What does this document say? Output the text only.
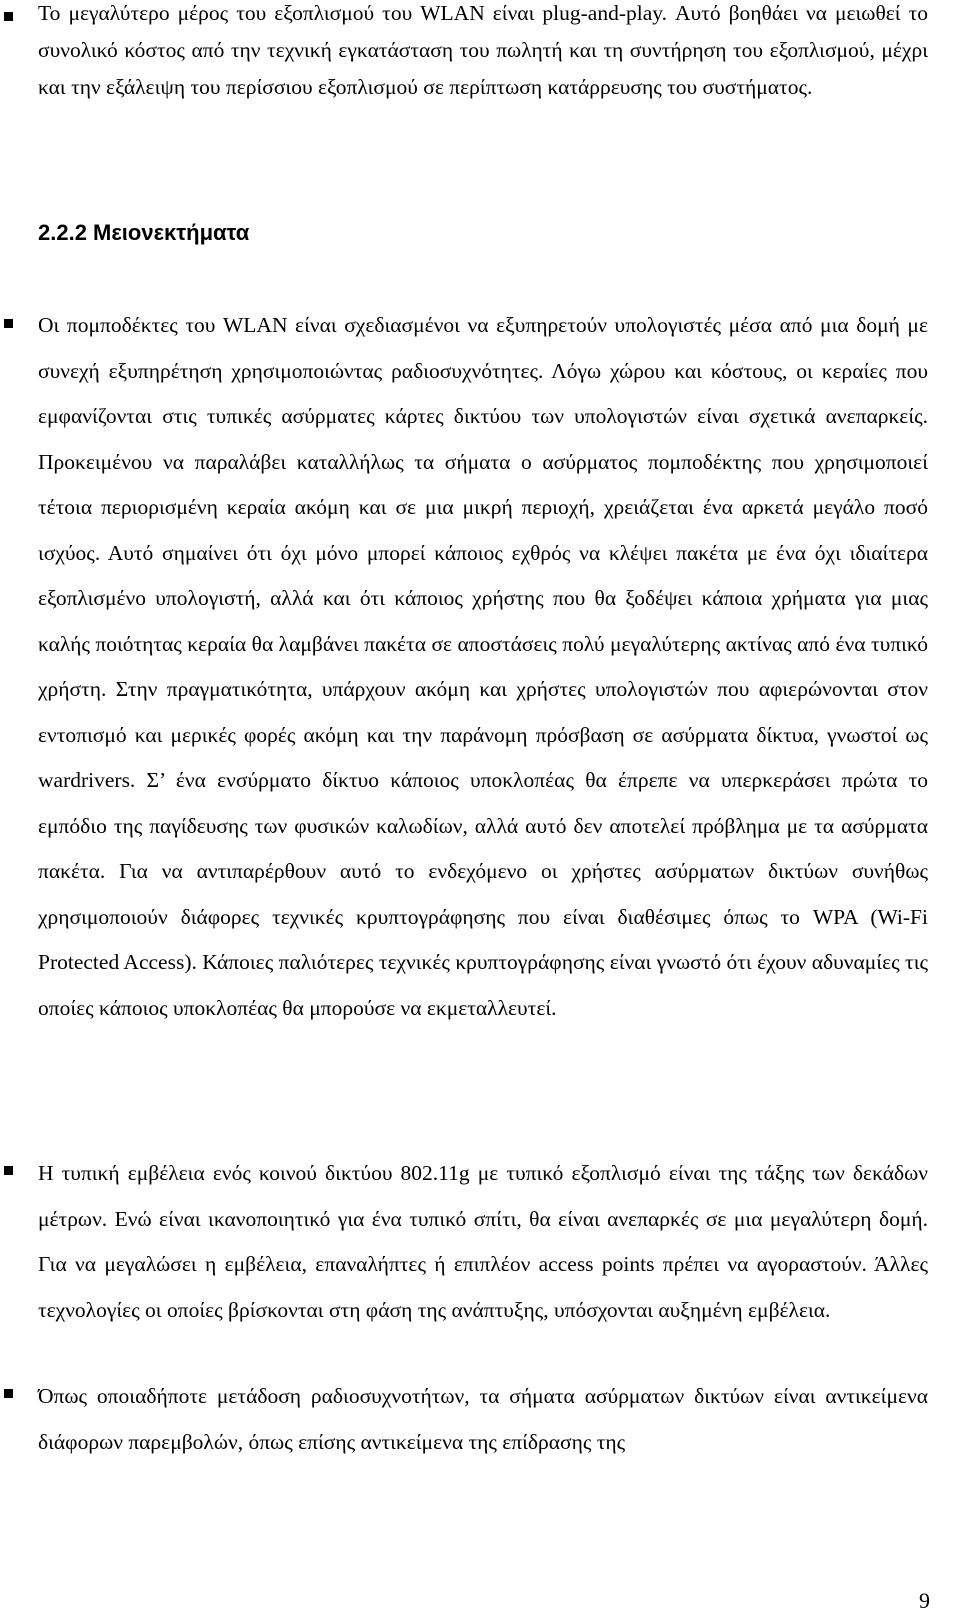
Το μεγαλύτερο μέρος του εξοπλισμού του WLAN είναι plug-and-play. Αυτό βοηθάει να μειωθεί το συνολικό κόστος από την τεχνική εγκατάσταση του πωλητή και τη συντήρηση του εξοπλισμού, μέχρι και την εξάλειψη του περίσσιου εξοπλισμού σε περίπτωση κατάρρευσης του συστήματος.

2.2.2 Μειονεκτήματα

Οι πομποδέκτες του WLAN είναι σχεδιασμένοι να εξυπηρετούν υπολογιστές μέσα από μια δομή με συνεχή εξυπηρέτηση χρησιμοποιώντας ραδιοσυχνότητες. Λόγω χώρου και κόστους, οι κεραίες που εμφανίζονται στις τυπικές ασύρματες κάρτες δικτύου των υπολογιστών είναι σχετικά ανεπαρκείς. Προκειμένου να παραλάβει καταλλήλως τα σήματα ο ασύρματος πομποδέκτης που χρησιμοποιεί τέτοια περιορισμένη κεραία ακόμη και σε μια μικρή περιοχή, χρειάζεται ένα αρκετά μεγάλο ποσό ισχύος. Αυτό σημαίνει ότι όχι μόνο μπορεί κάποιος εχθρός να κλέψει πακέτα με ένα όχι ιδιαίτερα εξοπλισμένο υπολογιστή, αλλά και ότι κάποιος χρήστης που θα ξοδέψει κάποια χρήματα για μιας καλής ποιότητας κεραία θα λαμβάνει πακέτα σε αποστάσεις πολύ μεγαλύτερης ακτίνας από ένα τυπικό χρήστη. Στην πραγματικότητα, υπάρχουν ακόμη και χρήστες υπολογιστών που αφιερώνονται στον εντοπισμό και μερικές φορές ακόμη και την παράνομη πρόσβαση σε ασύρματα δίκτυα, γνωστοί ως wardrivers. Σ’ ένα ενσύρματο δίκτυο κάποιος υποκλοπέας θα έπρεπε να υπερκεράσει πρώτα το εμπόδιο της παγίδευσης των φυσικών καλωδίων, αλλά αυτό δεν αποτελεί πρόβλημα με τα ασύρματα πακέτα. Για να αντιπαρέρθουν αυτό το ενδεχόμενο οι χρήστες ασύρματων δικτύων συνήθως χρησιμοποιούν διάφορες τεχνικές κρυπτογράφησης που είναι διαθέσιμες όπως το WPA (Wi-Fi Protected Access). Κάποιες παλιότερες τεχνικές κρυπτογράφησης είναι γνωστό ότι έχουν αδυναμίες τις οποίες κάποιος υποκλοπέας θα μπορούσε να εκμεταλλευτεί.

Η τυπική εμβέλεια ενός κοινού δικτύου 802.11g με τυπικό εξοπλισμό είναι της τάξης των δεκάδων μέτρων. Ενώ είναι ικανοποιητικό για ένα τυπικό σπίτι, θα είναι ανεπαρκές σε μια μεγαλύτερη δομή. Για να μεγαλώσει η εμβέλεια, επαναλήπτες ή επιπλέον access points πρέπει να αγοραστούν. Άλλες τεχνολογίες οι οποίες βρίσκονται στη φάση της ανάπτυξης, υπόσχονται αυξημένη εμβέλεια.

Όπως οποιαδήποτε μετάδοση ραδιοσυχνοτήτων, τα σήματα ασύρματων δικτύων είναι αντικείμενα διάφορων παρεμβολών, όπως επίσης αντικείμενα της επίδρασης της

9
